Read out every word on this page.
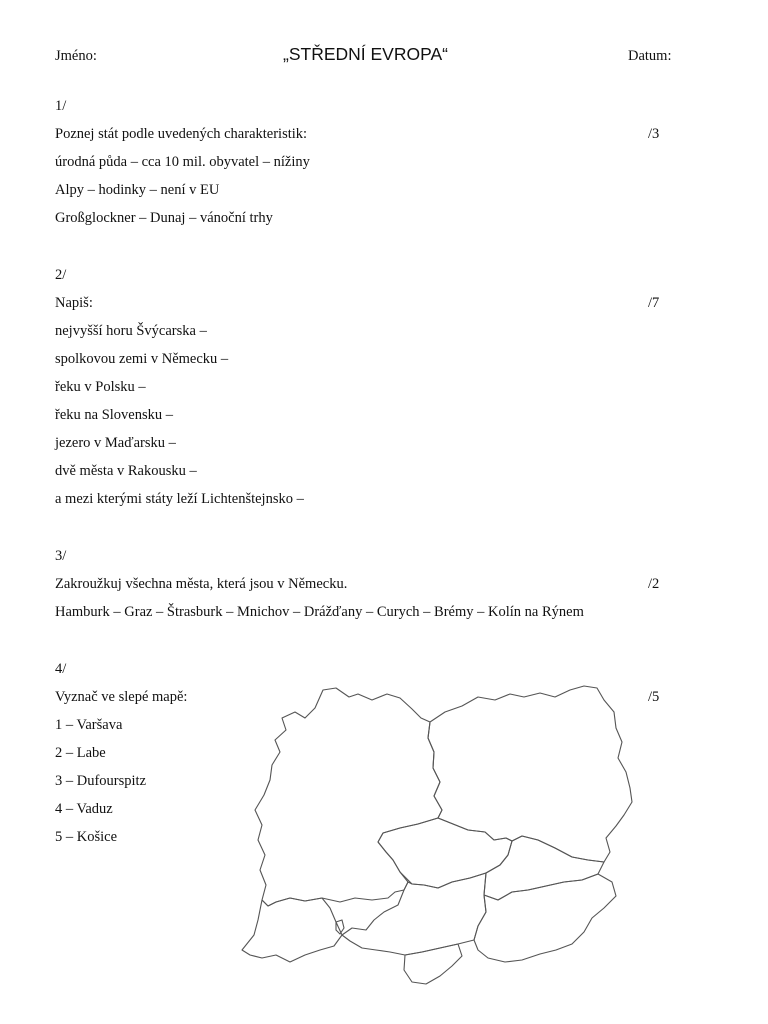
Jméno:	„STŘEDNÍ EVROPA“	Datum:
1/
Poznej stát podle uvedených charakteristik:	/3
úrodná půda – cca 10 mil. obyvatel – nížiny
Alpy – hodinky – není v EU
Großglockner – Dunaj – vánoční trhy
2/
Napiš:	/7
nejvyšší horu Švýcarska –
spolkovou zemi v Německu –
řeku v Polsku –
řeku na Slovensku –
jezero v Maďarsku –
dvě města v Rakousku –
a mezi kterými státy leží Lichtenštejnsko –
3/
Zakroužkuj všechna města, která jsou v Německu.	/2
Hamburk – Graz – Štrasburk – Mnichov – Drážďany – Curych – Brémy – Kolín na Rýnem
4/
Vyznač ve slepé mapě:	/5
1 – Varšava
2 – Labe
3 – Dufourspitz
4 – Vaduz
5 – Košice
